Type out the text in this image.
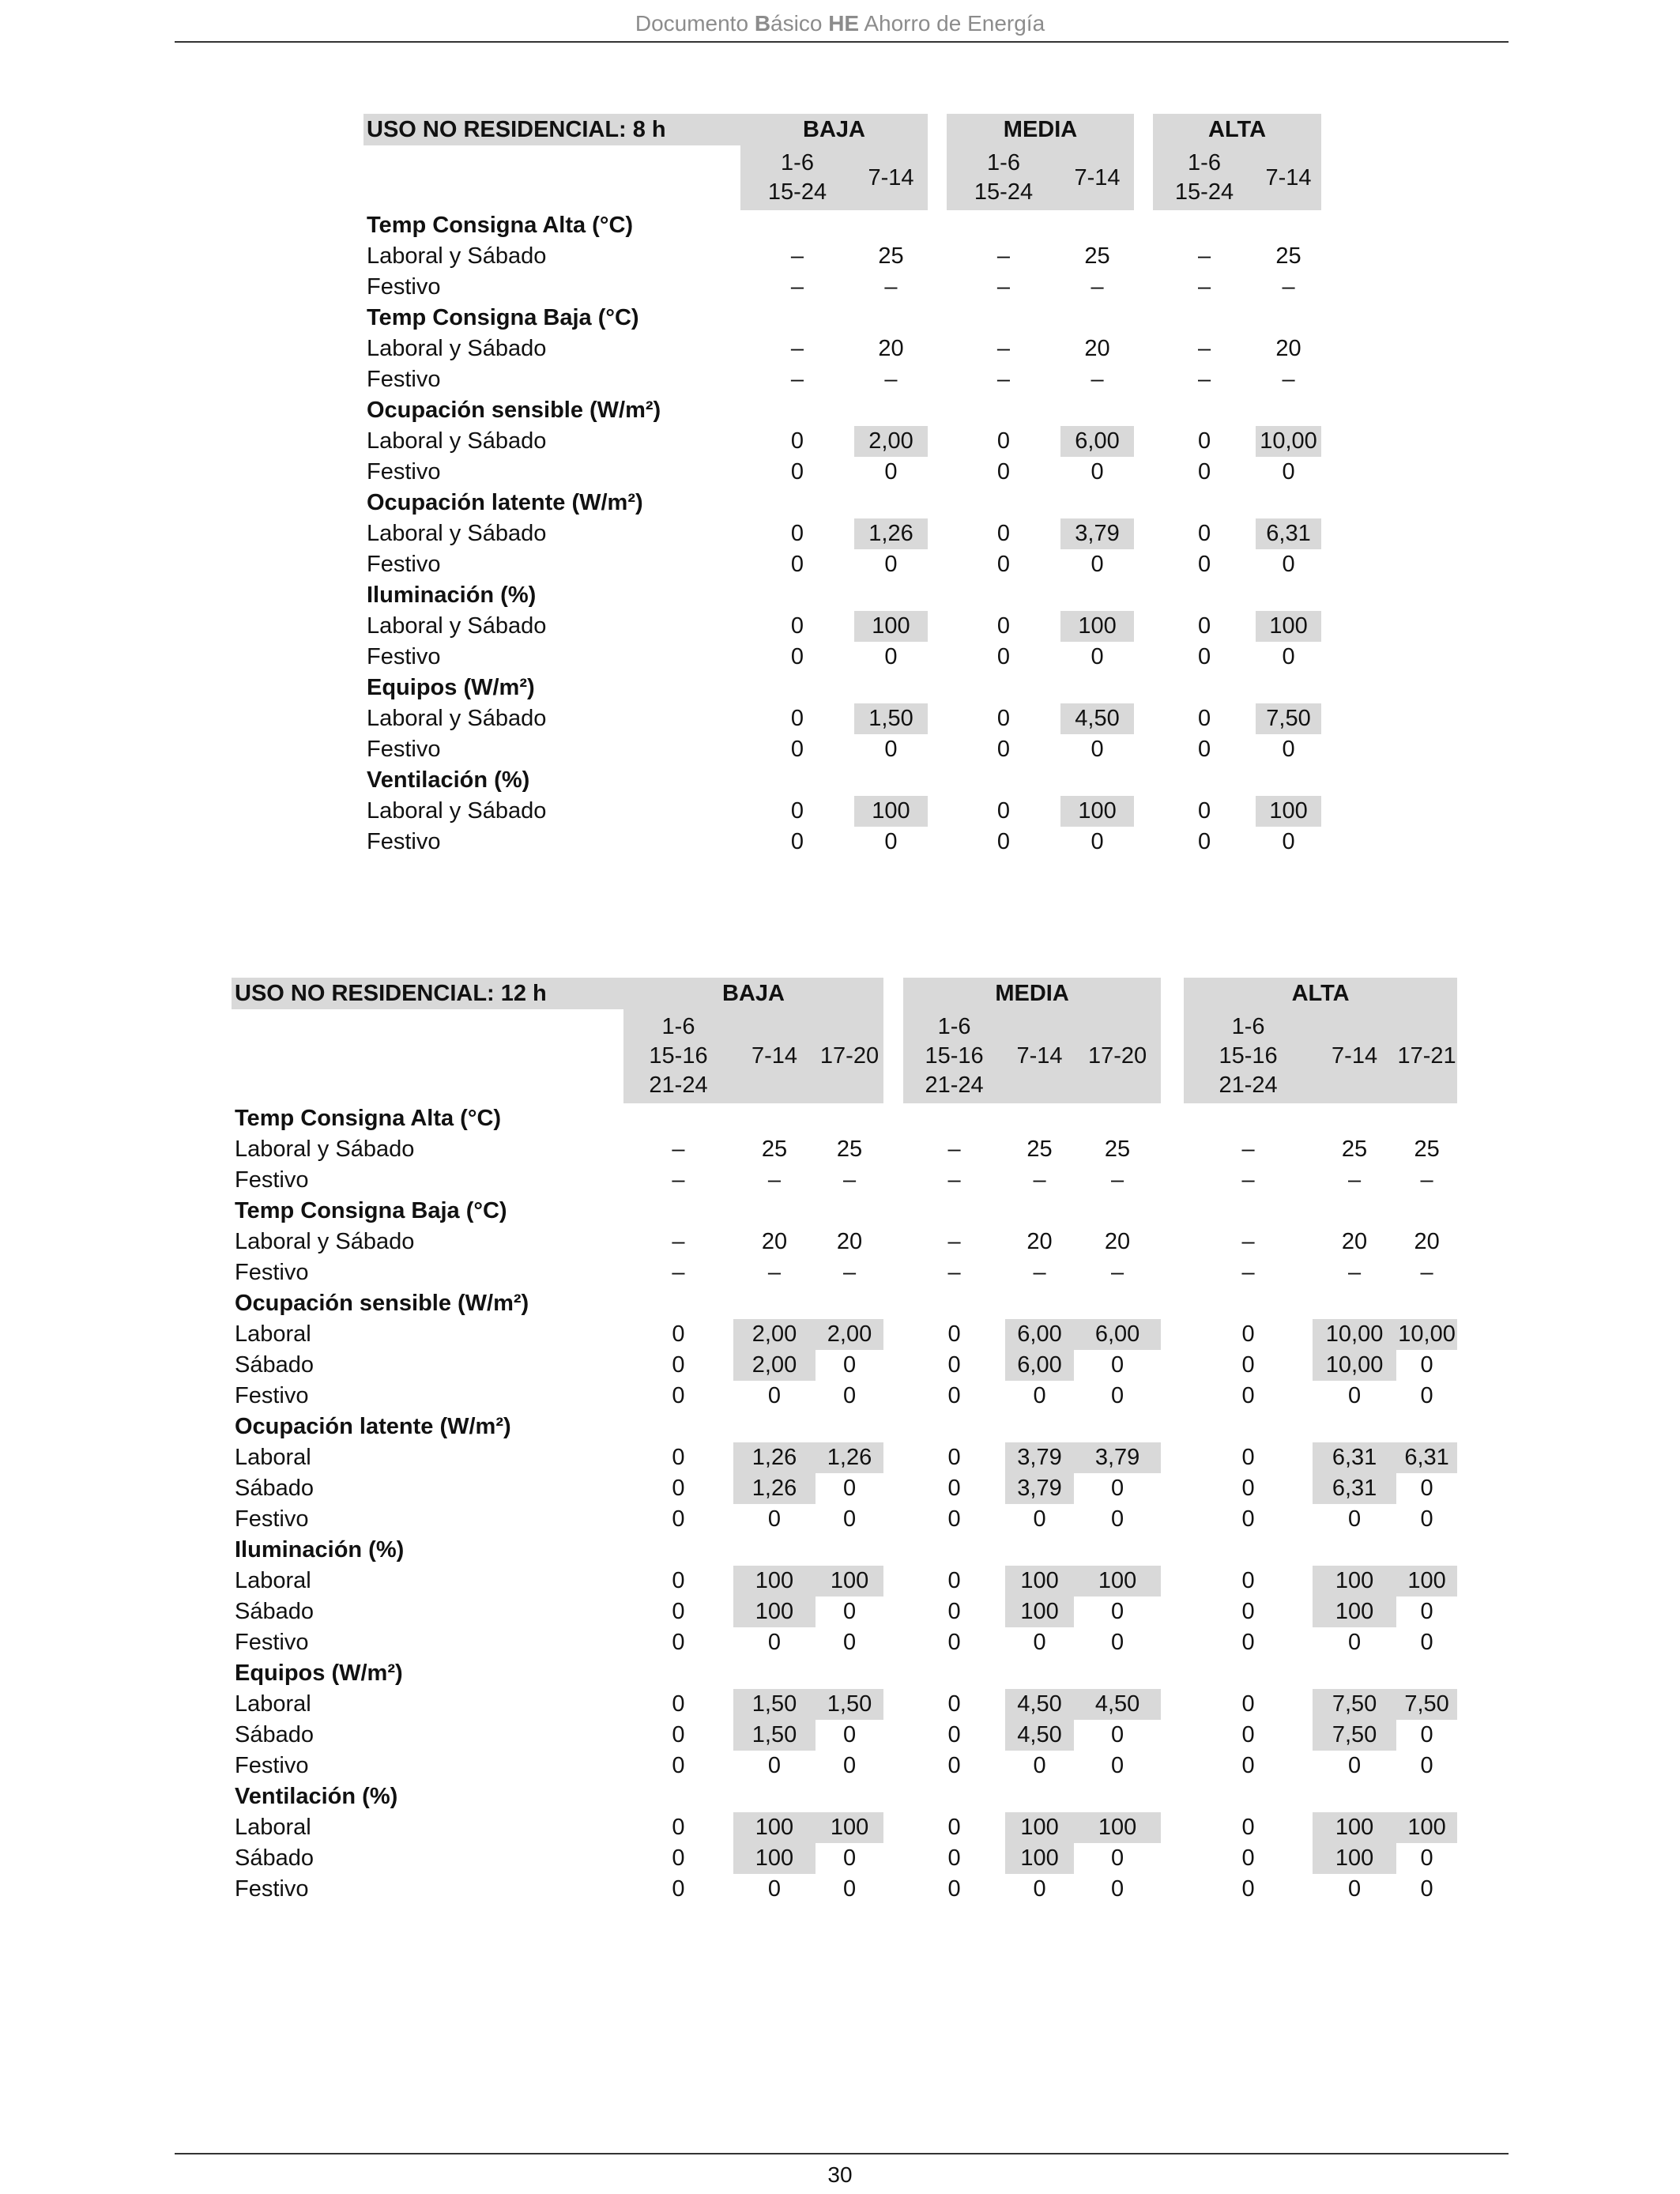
Documento Básico HE Ahorro de Energía
USO NO RESIDENCIAL: 8 h	BAJA			MEDIA			ALTA	
	1-6
15-24	7-14		1-6
15-24	7-14		1-6
15-24	7-14
Temp Consigna Alta (°C)								
Laboral y Sábado	–	25		–	25		–	25
Festivo	–	–		–	–		–	–
Temp Consigna Baja (°C)								
Laboral y Sábado	–	20		–	20		–	20
Festivo	–	–		–	–		–	–
Ocupación sensible (W/m²)								
Laboral y Sábado	0	2,00		0	6,00		0	10,00
Festivo	0	0		0	0		0	0
Ocupación latente (W/m²)								
Laboral y Sábado	0	1,26		0	3,79		0	6,31
Festivo	0	0		0	0		0	0
Iluminación (%)								
Laboral y Sábado	0	100		0	100		0	100
Festivo	0	0		0	0		0	0
Equipos (W/m²)								
Laboral y Sábado	0	1,50		0	4,50		0	7,50
Festivo	0	0		0	0		0	0
Ventilación (%)								
Laboral y Sábado	0	100		0	100		0	100
Festivo	0	0		0	0		0	0
USO NO RESIDENCIAL: 12 h	BAJA				MEDIA				ALTA		
	1-6
15-16
21-24	7-14	17-20		1-6
15-16
21-24	7-14	17-20		1-6
15-16
21-24	7-14	17-21
Temp Consigna Alta (°C)											
Laboral y Sábado	–	25	25		–	25	25		–	25	25
Festivo	–	–	–		–	–	–		–	–	–
Temp Consigna Baja (°C)											
Laboral y Sábado	–	20	20		–	20	20		–	20	20
Festivo	–	–	–		–	–	–		–	–	–
Ocupación sensible (W/m²)											
Laboral	0	2,00	2,00		0	6,00	6,00		0	10,00	10,00
Sábado	0	2,00	0		0	6,00	0		0	10,00	0
Festivo	0	0	0		0	0	0		0	0	0
Ocupación latente (W/m²)											
Laboral	0	1,26	1,26		0	3,79	3,79		0	6,31	6,31
Sábado	0	1,26	0		0	3,79	0		0	6,31	0
Festivo	0	0	0		0	0	0		0	0	0
Iluminación (%)											
Laboral	0	100	100		0	100	100		0	100	100
Sábado	0	100	0		0	100	0		0	100	0
Festivo	0	0	0		0	0	0		0	0	0
Equipos (W/m²)											
Laboral	0	1,50	1,50		0	4,50	4,50		0	7,50	7,50
Sábado	0	1,50	0		0	4,50	0		0	7,50	0
Festivo	0	0	0		0	0	0		0	0	0
Ventilación (%)											
Laboral	0	100	100		0	100	100		0	100	100
Sábado	0	100	0		0	100	0		0	100	0
Festivo	0	0	0		0	0	0		0	0	0
30
